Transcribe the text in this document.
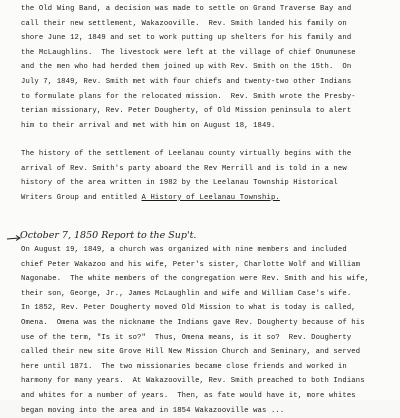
the Old Wing Band, a decision was made to settle on Grand Traverse Bay and
call their new settlement, Wakazooville.  Rev. Smith landed his family on
shore June 12, 1849 and set to work putting up shelters for his family and
the McLaughlins.  The livestock were left at the village of chief Onumunese
and the men who had herded them joined up with Rev. Smith on the 15th.  On
July 7, 1849, Rev. Smith met with four chiefs and twenty-two other Indians
to formulate plans for the relocated mission.  Rev. Smith wrote the Presby-
terian missionary, Rev. Peter Dougherty, of Old Mission peninsula to alert
him to their arrival and met with him on August 18, 1849.
The history of the settlement of Leelanau county virtually begins with the
arrival of Rev. Smith's party aboard the Rev Merrill and is told in a new
history of the area written in 1982 by the Leelanau Township Historical
Writers Group and entitled A History of Leelanau Township.
October 7, 1850 Report to the Sup't.
On August 19, 1849, a church was organized with nine members and included
chief Peter Wakazoo and his wife, Peter's sister, Charlotte Wolf and William
Nagonabe.  The white members of the congregation were Rev. Smith and his wife,
their son, George, Jr., James McLaughlin and wife and William Case's wife.
In 1852, Rev. Peter Dougherty moved Old Mission to what is today is called,
Omena.  Omena was the nickname the Indians gave Rev. Dougherty because of his
use of the term, "Is it so?"  Thus, Omena means, is it so?  Rev. Dougherty
called their new site Grove Hill New Mission Church and Seminary, and served
here until 1871.  The two missionaries became close friends and worked in
harmony for many years.  At Wakazooville, Rev. Smith preached to both Indians
and whites for a number of years.  Then, as fate would have it, more whites
began moving into the area and in 1854 Wakazooville was ...
